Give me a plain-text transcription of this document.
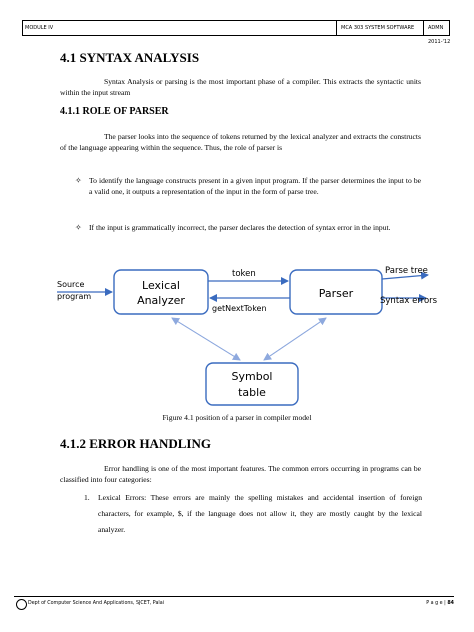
MODULE IV	MCA 303 SYSTEM SOFTWARE	ADMN 2011-'12
4.1 SYNTAX ANALYSIS
Syntax Analysis or parsing is the most important phase of a compiler. This extracts the syntactic units within the input stream
4.1.1 ROLE OF PARSER
The parser looks into the sequence of tokens returned by the lexical analyzer and extracts the constructs of the language appearing within the sequence. Thus, the role of parser is
✧ To identify the language constructs present in a given input program. If the parser determines the input to be a valid one, it outputs a representation of the input in the form of parse tree.
✧ If the input is grammatically incorrect, the parser declares the detection of syntax error in the input.
Lexical
Analyzer
Parser
Symbol
table
Source
program
token
getNextToken
Parse tree
Syntax errors
Figure 4.1 position of a parser in compiler model
4.1.2 ERROR HANDLING
Error handling is one of the most important features. The common errors occurring in programs can be classified into four categories:
1. Lexical Errors: These errors are mainly the spelling mistakes and accidental insertion of foreign characters, for example, $, if the language does not allow it, they are mostly caught by the lexical analyzer.
Dept of Computer Science And Applications, SJCET, Palai	P a g e | 84
